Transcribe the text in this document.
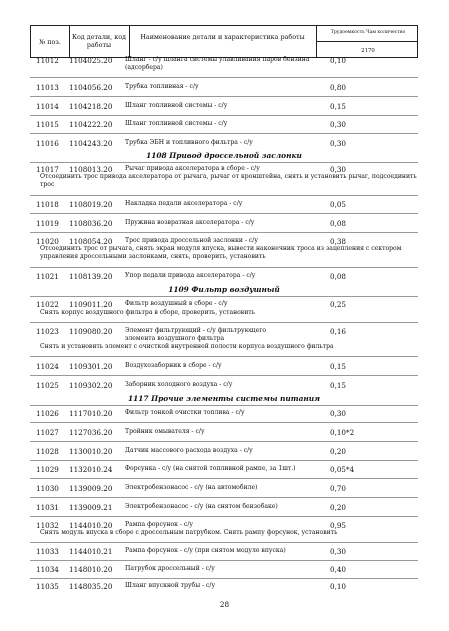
№ поз.
Код детали, код работы
Наименование детали и характеристика работы
Трудоемкость Чaм количество
2170
11012 1104025.20 Шланг - с/у шланга системы улавливания паров бензина (адсорбера)
0,10
11013 1104056.20 Трубка топливная - с/у	0,80
11014 1104218.20 Шланг топливной системы - с/у	0,15
11015 1104222.20 Шланг топливной системы - с/у	0,30
11016 1104243.20 Трубка ЭБН и топливного фильтра - с/у	0,30
1108 Привод дроссельной заслонки
11017 1108013.20 Рычаг привода акселератора в сборе - с/у	0,30
Отсоединить трос привода акселератора от рычага, рычаг от кронштейна, снять и установить рычаг, подсоединить трос
11018 1108019.20 Накладка педали акселератора - с/у	0,05
11019 1108036.20 Пружина возвратная акселератора - с/у	0,08
11020 1108054.20 Трос привода дроссельной заслонки - с/у	0,38
Отсоединить трос от рычага, снять экран модуля впуска, вывести наконечник троса из зацепления с сектором управления дроссельными заслонками, снять, проверить, установить
11021 1108139.20 Упор педали привода акселератора - с/у	0,08
1109 Фильтр воздушный
11022 1109011.20 Фильтр воздушный в сборе - с/у	0,25
Снять корпус воздушного фильтра в сборе, проверить, установить
11023 1109080.20 Элемент фильтрующий - с/у фильтрующего элемента воздушного фильтра
0,16
Снять и установить элемент с очисткой внутренней полости корпуса воздушного фильтра
11024 1109301.20 Воздухозаборник в сборе - с/у	0,15
11025 1109302.20 Заборник холодного воздуха - с/у	0,15
1117 Прочие элементы системы питания
11026 1117010.20 Фильтр тонкой очистки топлива - с/у	0,30
11027 1127036.20 Тройник омывателя - с/у	0,10*2
11028 1130010.20 Датчик массового расхода воздуха - с/у	0,20
11029 1132010.24 Форсунка - с/у (на снятой топливной рампе, за 1шт.)	0,05*4
11030 1139009.20 Электробензонасос - с/у (на автомобиле)	0,70
11031 1139009.21 Электробензонасос - с/у (на снятом бензобаке)	0,20
11032 1144010.20 Рампа форсунок - с/у	0,95
Снять модуль впуска в сборе с дроссельным патрубком. Снять рампу форсунок, установить
11033 1144010.21 Рампа форсунок - с/у (при снятом модуле впуска)	0,30
11034 1148010.20 Патрубок дроссельный - с/у	0,40
11035 1148035.20 Шланг впускной трубы - с/у	0,10
28
